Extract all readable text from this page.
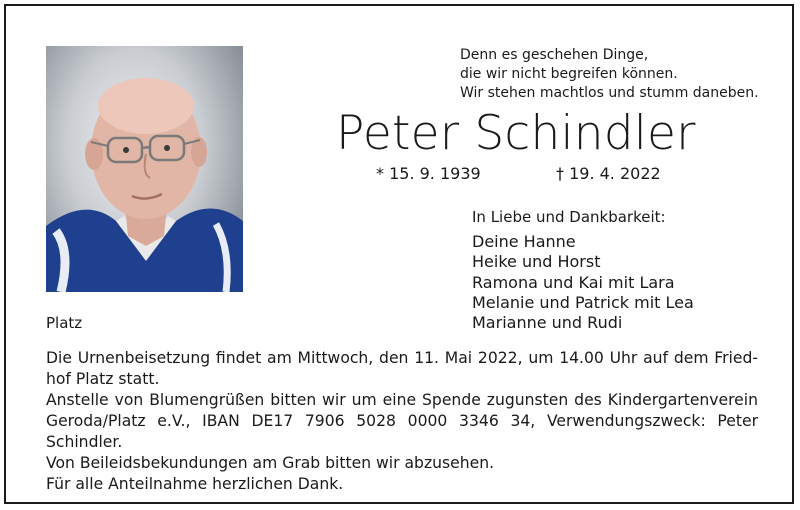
Denn es geschehen Dinge,
die wir nicht begreifen können.
Wir stehen machtlos und stumm daneben.
Peter Schindler
* 15. 9. 1939	† 19. 4. 2022
In Liebe und Dankbarkeit:
Deine Hanne
Heike und Horst
Ramona und Kai mit Lara
Melanie und Patrick mit Lea
Marianne und Rudi
Platz
Die Urnenbeisetzung findet am Mittwoch, den 11. Mai 2022, um 14.00 Uhr auf dem Fried-
hof Platz statt.
Anstelle von Blumengrüßen bitten wir um eine Spende zugunsten des Kindergartenverein
Geroda/Platz e.V., IBAN DE17 7906 5028 0000 3346 34, Verwendungszweck: Peter Schindler.
Von Beileidsbekundungen am Grab bitten wir abzusehen.
Für alle Anteilnahme herzlichen Dank.
